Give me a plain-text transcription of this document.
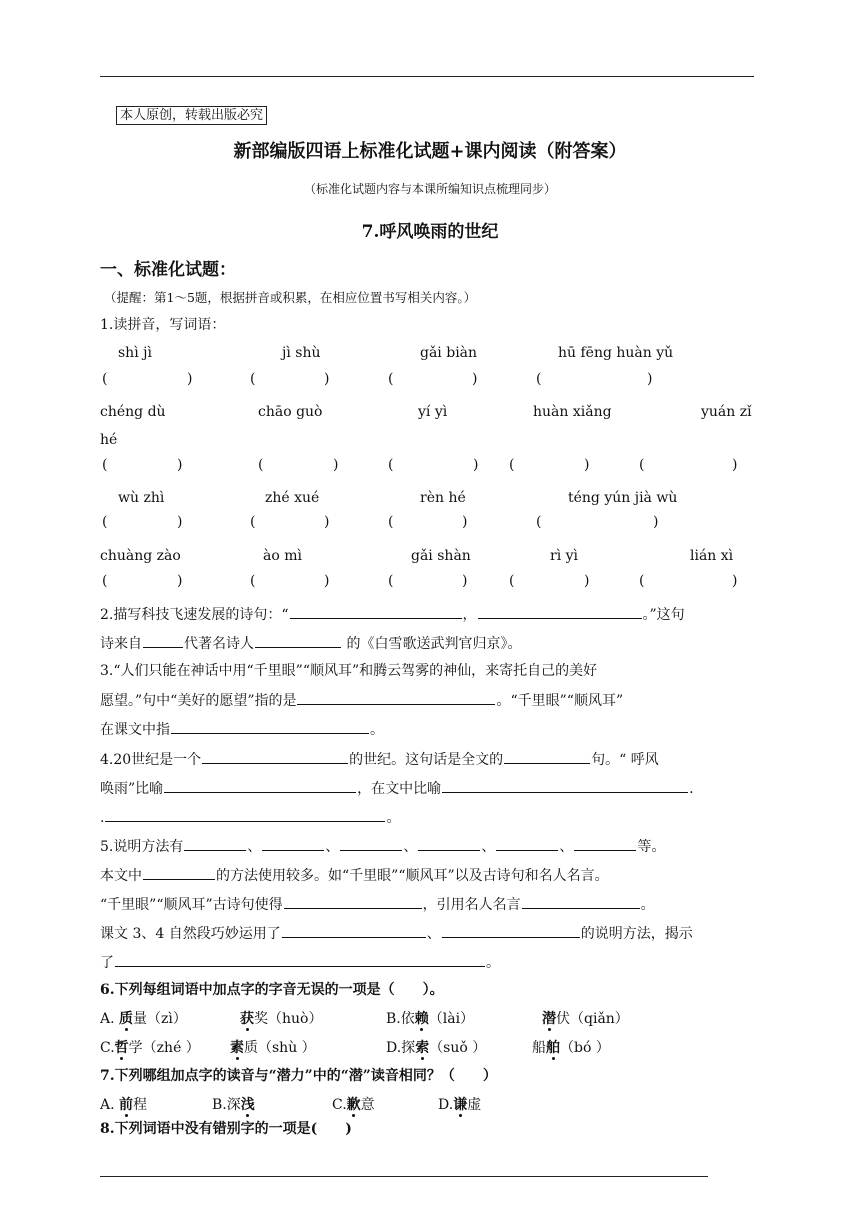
本人原创，转载出版必究
新部编版四语上标准化试题+课内阅读（附答案）
（标准化试题内容与本课所编知识点梳理同步）
7.呼风唤雨的世纪
一、标准化试题：
（提醒：第1～5题，根据拼音或积累，在相应位置书写相关内容。）
1.读拼音，写词语：
shì jì	jì shù	gǎi biàn	hū fēng huàn yǔ
(	)	(	)	(	)	(	)
chéng dù	chāo guò	yí yì	huàn xiǎng	yuán zǐ
hé
(	)	(	)	(	) (	)	(	)
wù zhì	zhé xué	rèn hé	téng yún jià wù
(	)	(	)	(	)	(	)
chuàng zào	ào mì	gǎi shàn	rì yì	lián xì
(	)	(	)	(	)	(	)	(	)
2.描写科技飞速发展的诗句：“	，	。”这句
诗来自	代著名诗人	的《白雪歌送武判官归京》。
3.“人们只能在神话中用“千里眼”“顺风耳”和腾云驾雾的神仙，来寄托自己的美好
愿望。”句中“美好的愿望”指的是	。“千里眼”“顺风耳”
在课文中指	。
4.20世纪是一个	的世纪。这句话是全文的	句。“ 呼风
唤雨”比喻	，在文中比喻	.
.	。
5.说明方法有	、	、	、	、	、	等。
本文中	的方法使用较多。如“千里眼”“顺风耳”以及古诗句和名人名言。
“千里眼”“顺风耳”古诗句使得	，引用名人名言	。
课文 3、4 自然段巧妙运用了	、	的说明方法，揭示
了	。
6.下列每组词语中加点字的字音无误的一项是（　　）。
A. 质量（zì）	获奖（huò）	B.依赖（lài）	潜伏（qiǎn）
C.哲学（zhé ） 素质（shù ）	D.探索（suǒ ）	船舶（bó ）
7.下列哪组加点字的读音与“潜力”中的“潜”读音相同？（　　）
A. 前程	B.深浅	C.歉意	D.谦虚
8.下列词语中没有错别字的一项是(　　)
